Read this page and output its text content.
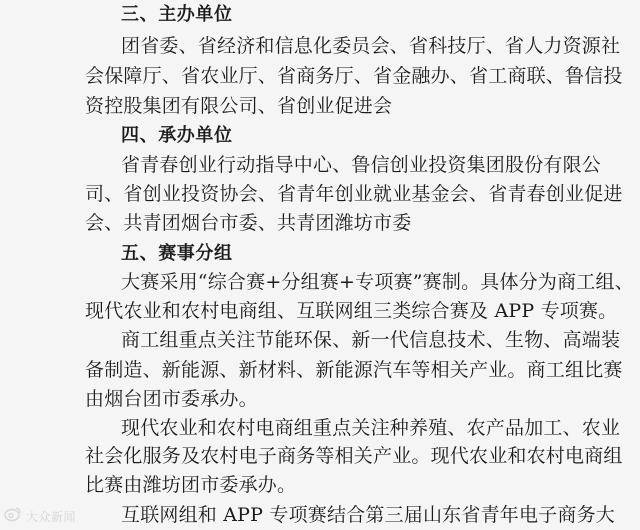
三、主办单位
团省委、省经济和信息化委员会、省科技厅、省人力资源社
会保障厅、省农业厅、省商务厅、省金融办、省工商联、鲁信投
资控股集团有限公司、省创业促进会
四、承办单位
省青春创业行动指导中心、鲁信创业投资集团股份有限公
司、省创业投资协会、省青年创业就业基金会、省青春创业促进
会、共青团烟台市委、共青团潍坊市委
五、赛事分组
大赛采用“综合赛+分组赛+专项赛”赛制。具体分为商工组、
现代农业和农村电商组、互联网组三类综合赛及 APP 专项赛。
商工组重点关注节能环保、新一代信息技术、生物、高端装
备制造、新能源、新材料、新能源汽车等相关产业。商工组比赛
由烟台团市委承办。
现代农业和农村电商组重点关注种养殖、农产品加工、农业
社会化服务及农村电子商务等相关产业。现代农业和农村电商组
比赛由潍坊团市委承办。
互联网组和 APP 专项赛结合第三届山东省青年电子商务大
大众新闻
